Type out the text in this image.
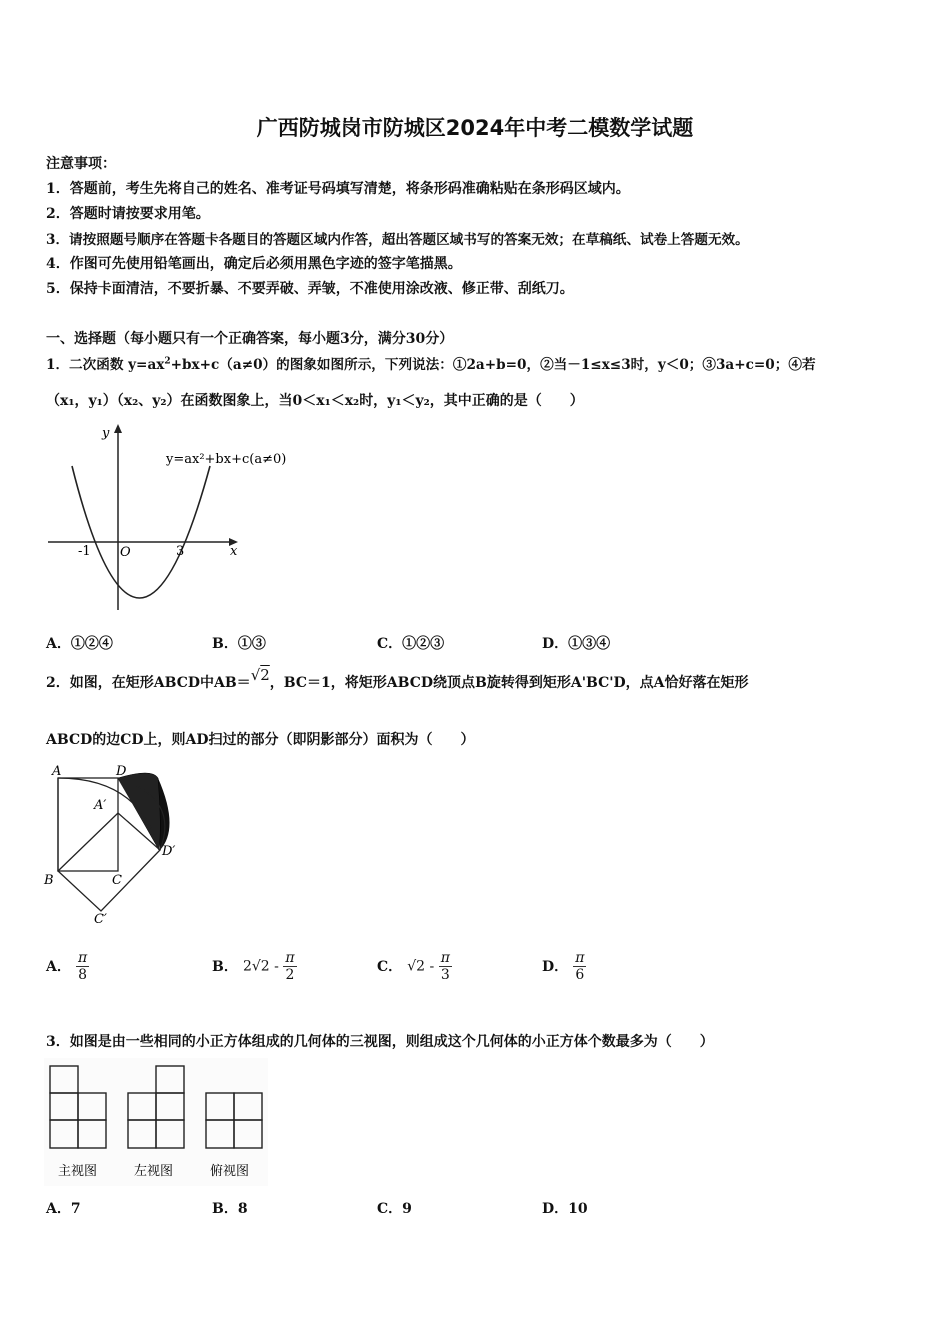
广西防城岗市防城区2024年中考二模数学试题
注意事项：
1．答题前，考生先将自己的姓名、准考证号码填写清楚，将条形码准确粘贴在条形码区域内。
2．答题时请按要求用笔。
3．请按照题号顺序在答题卡各题目的答题区域内作答，超出答题区域书写的答案无效；在草稿纸、试卷上答题无效。
4．作图可先使用铅笔画出，确定后必须用黑色字迹的签字笔描黑。
5．保持卡面清洁，不要折暴、不要弄破、弄皱，不准使用涂改液、修正带、刮纸刀。
一、选择题（每小题只有一个正确答案，每小题3分，满分30分）
1．二次函数 $y=ax^2+bx+c(a\ne 0)$的图象如图所示，下列说法：①2a+b=0，②当－1≤x≤3时，y＜0；③3a+c=0；④若
（x₁，y₁）（x₂、y₂）在函数图象上，当0＜x₁＜x₂时，y₁＜y₂，其中正确的是（　　）
x
y
O
-1	3
y=ax²+bx+c(a≠0)
A．①②④	B．①③	C．①②③	D．①③④
2．如图，在矩形ABCD中AB＝√2，BC＝1，将矩形ABCD绕顶点B旋转得到矩形A'BC'D，点A恰好落在矩形
ABCD的边CD上，则AD扫过的部分（即阴影部分）面积为（　　）
A	D
A′
D′
B	C
C′
A． $\frac{\pi}{8}$	B． $2√2 - \frac{\pi}{2}$	C． $√2 - \frac{\pi}{3}$	D． $\frac{\pi}{6}$
3．如图是由一些相同的小正方体组成的几何体的三视图，则组成这个几何体的小正方体个数最多为（　　）
主视图	左视图	俯视图
A．7	B．8	C．9	D．10
